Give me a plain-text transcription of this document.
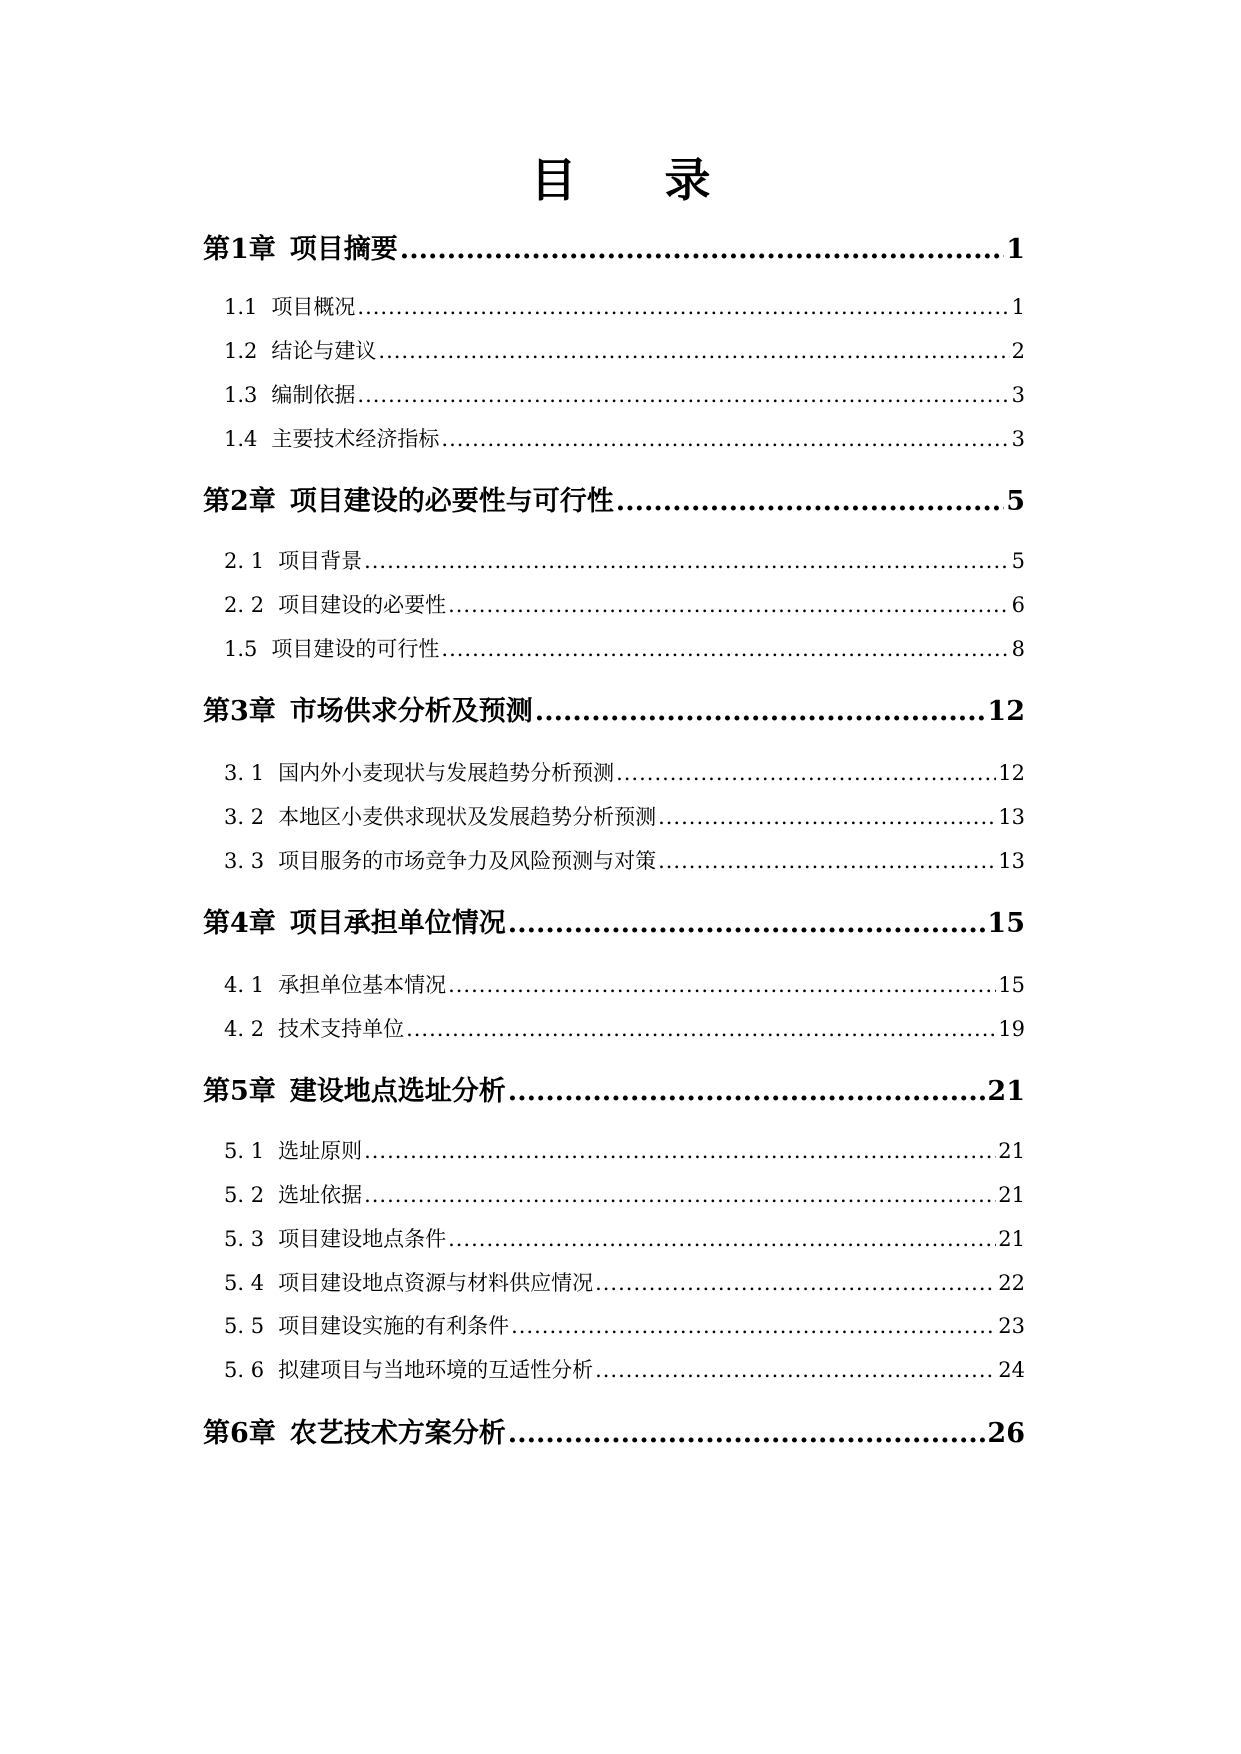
目 录
第1章 项目摘要 .....	1
1.1 项目概况 .....	1
1.2 结论与建议 .....	2
1.3 编制依据 .....	3
1.4 主要技术经济指标 .....	3
第2章 项目建设的必要性与可行性 .....	5
2. 1 项目背景 .....	5
2. 2 项目建设的必要性 .....	6
1.5 项目建设的可行性 .....	8
第3章 市场供求分析及预测 .....	12
3. 1 国内外小麦现状与发展趋势分析预测 .....	12
3. 2 本地区小麦供求现状及发展趋势分析预测 .....	13
3. 3 项目服务的市场竞争力及风险预测与对策 .....	13
第4章 项目承担单位情况 .....	15
4. 1 承担单位基本情况 .....	15
4. 2 技术支持单位 .....	19
第5章 建设地点选址分析 .....	21
5. 1 选址原则 .....	21
5. 2 选址依据 .....	21
5. 3 项目建设地点条件 .....	21
5. 4 项目建设地点资源与材料供应情况 .....	22
5. 5 项目建设实施的有利条件 .....	23
5. 6 拟建项目与当地环境的互适性分析 .....	24
第6章 农艺技术方案分析 .....	26
